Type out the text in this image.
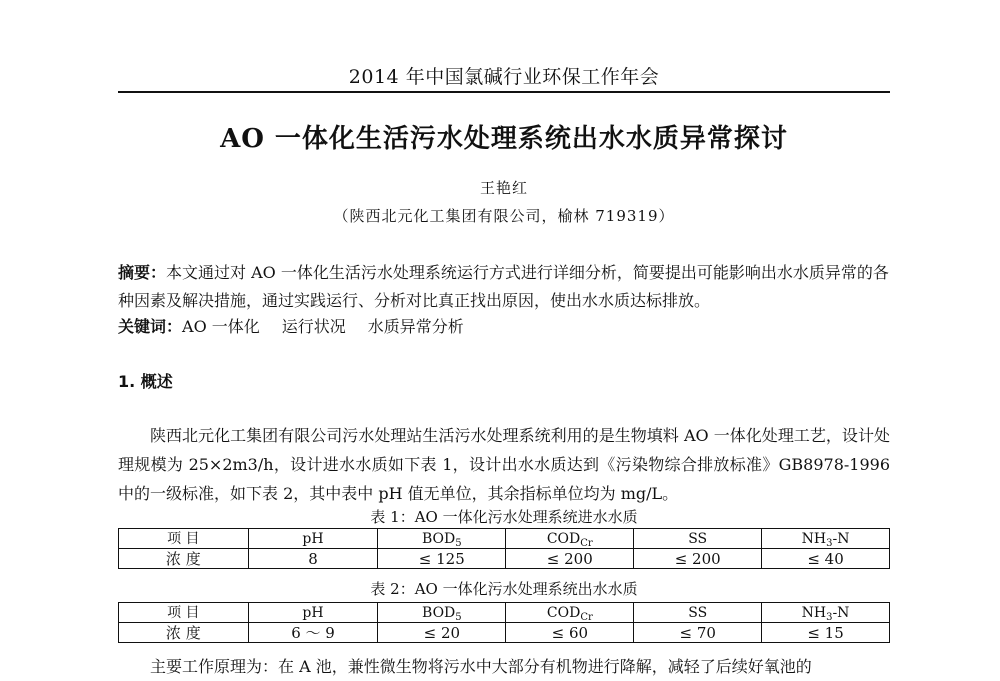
2014 年中国氯碱行业环保工作年会
AO 一体化生活污水处理系统出水水质异常探讨
王艳红
（陕西北元化工集团有限公司，榆林 719319）
摘要：本文通过对 AO 一体化生活污水处理系统运行方式进行详细分析，简要提出可能影响出水水质异常的各种因素及解决措施，通过实践运行、分析对比真正找出原因，使出水水质达标排放。
关键词：AO 一体化 运行状况 水质异常分析
1. 概述
陕西北元化工集团有限公司污水处理站生活污水处理系统利用的是生物填料 AO 一体化处理工艺，设计处理规模为 25×2m3/h，设计进水水质如下表 1，设计出水水质达到《污染物综合排放标准》GB8978-1996 中的一级标准，如下表 2，其中表中 pH 值无单位，其余指标单位均为 mg/L。
表 1：AO 一体化污水处理系统进水水质
项 目	pH	$BOD_5$	$COD_{Cr}$	SS	$NH_3-N$
浓 度	8	≤ 125	≤ 200	≤ 200	≤ 40
表 2：AO 一体化污水处理系统出水水质
项 目	pH	$BOD_5$	$COD_{Cr}$	SS	$NH_3-N$
浓 度	6 ～ 9	≤ 20	≤ 60	≤ 70	≤ 15
主要工作原理为：在 A 池，兼性微生物将污水中大部分有机物进行降解，减轻了后续好氧池的
